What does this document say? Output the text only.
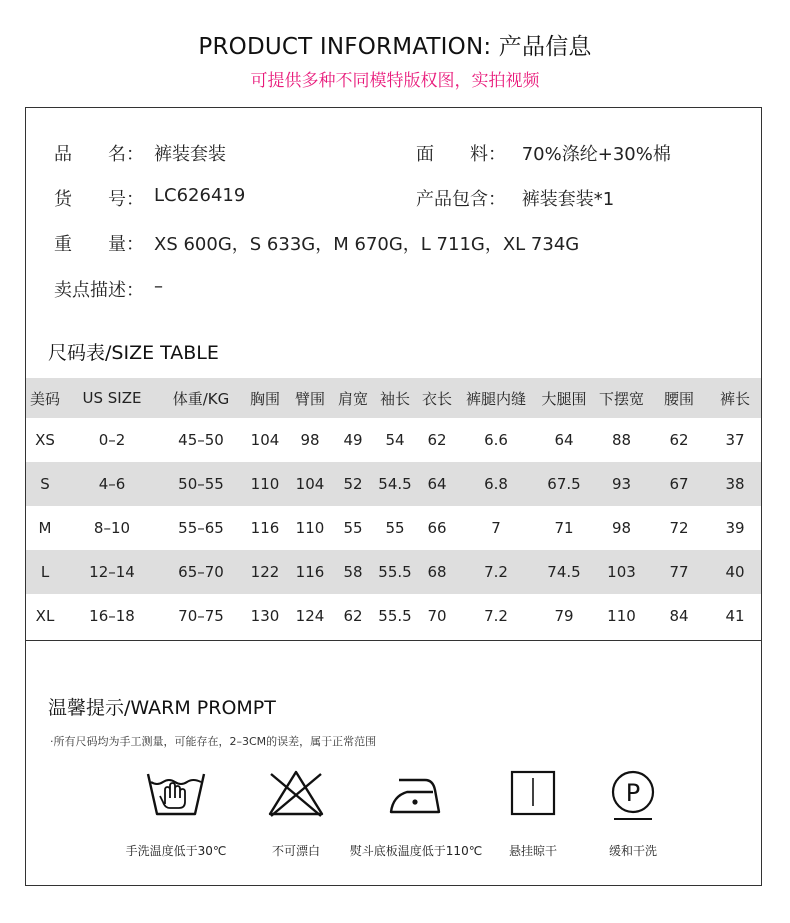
PRODUCT INFORMATION: 产品信息
可提供多种不同模特版权图，实拍视频
品　　名： 裤装套装	面　　料： 70%涤纶+30%棉
货　　号： LC626419	产品包含： 裤装套装*1
重　　量： XS 600G，S 633G，M 670G，L 711G，XL 734G
卖点描述： –
尺码表/SIZE TABLE
美码	US SIZE	体重/KG	胸围	臂围	肩宽	袖长	衣长	裤腿内缝	大腿围	下摆宽	腰围	裤长
XS	0–2	45–50	104	98	49	54	62	6.6	64	88	62	37
S	4–6	50–55	110	104	52	54.5	64	6.8	67.5	93	67	38
M	8–10	55–65	116	110	55	55	66	7	71	98	72	39
L	12–14	65–70	122	116	58	55.5	68	7.2	74.5	103	77	40
XL	16–18	70–75	130	124	62	55.5	70	7.2	79	110	84	41
温馨提示/WARM PROMPT
·所有尺码均为手工测量，可能存在，2–3CM的误差，属于正常范围
手洗温度低于30℃	不可漂白	熨斗底板温度低于110℃	悬挂晾干
P
缓和干洗
